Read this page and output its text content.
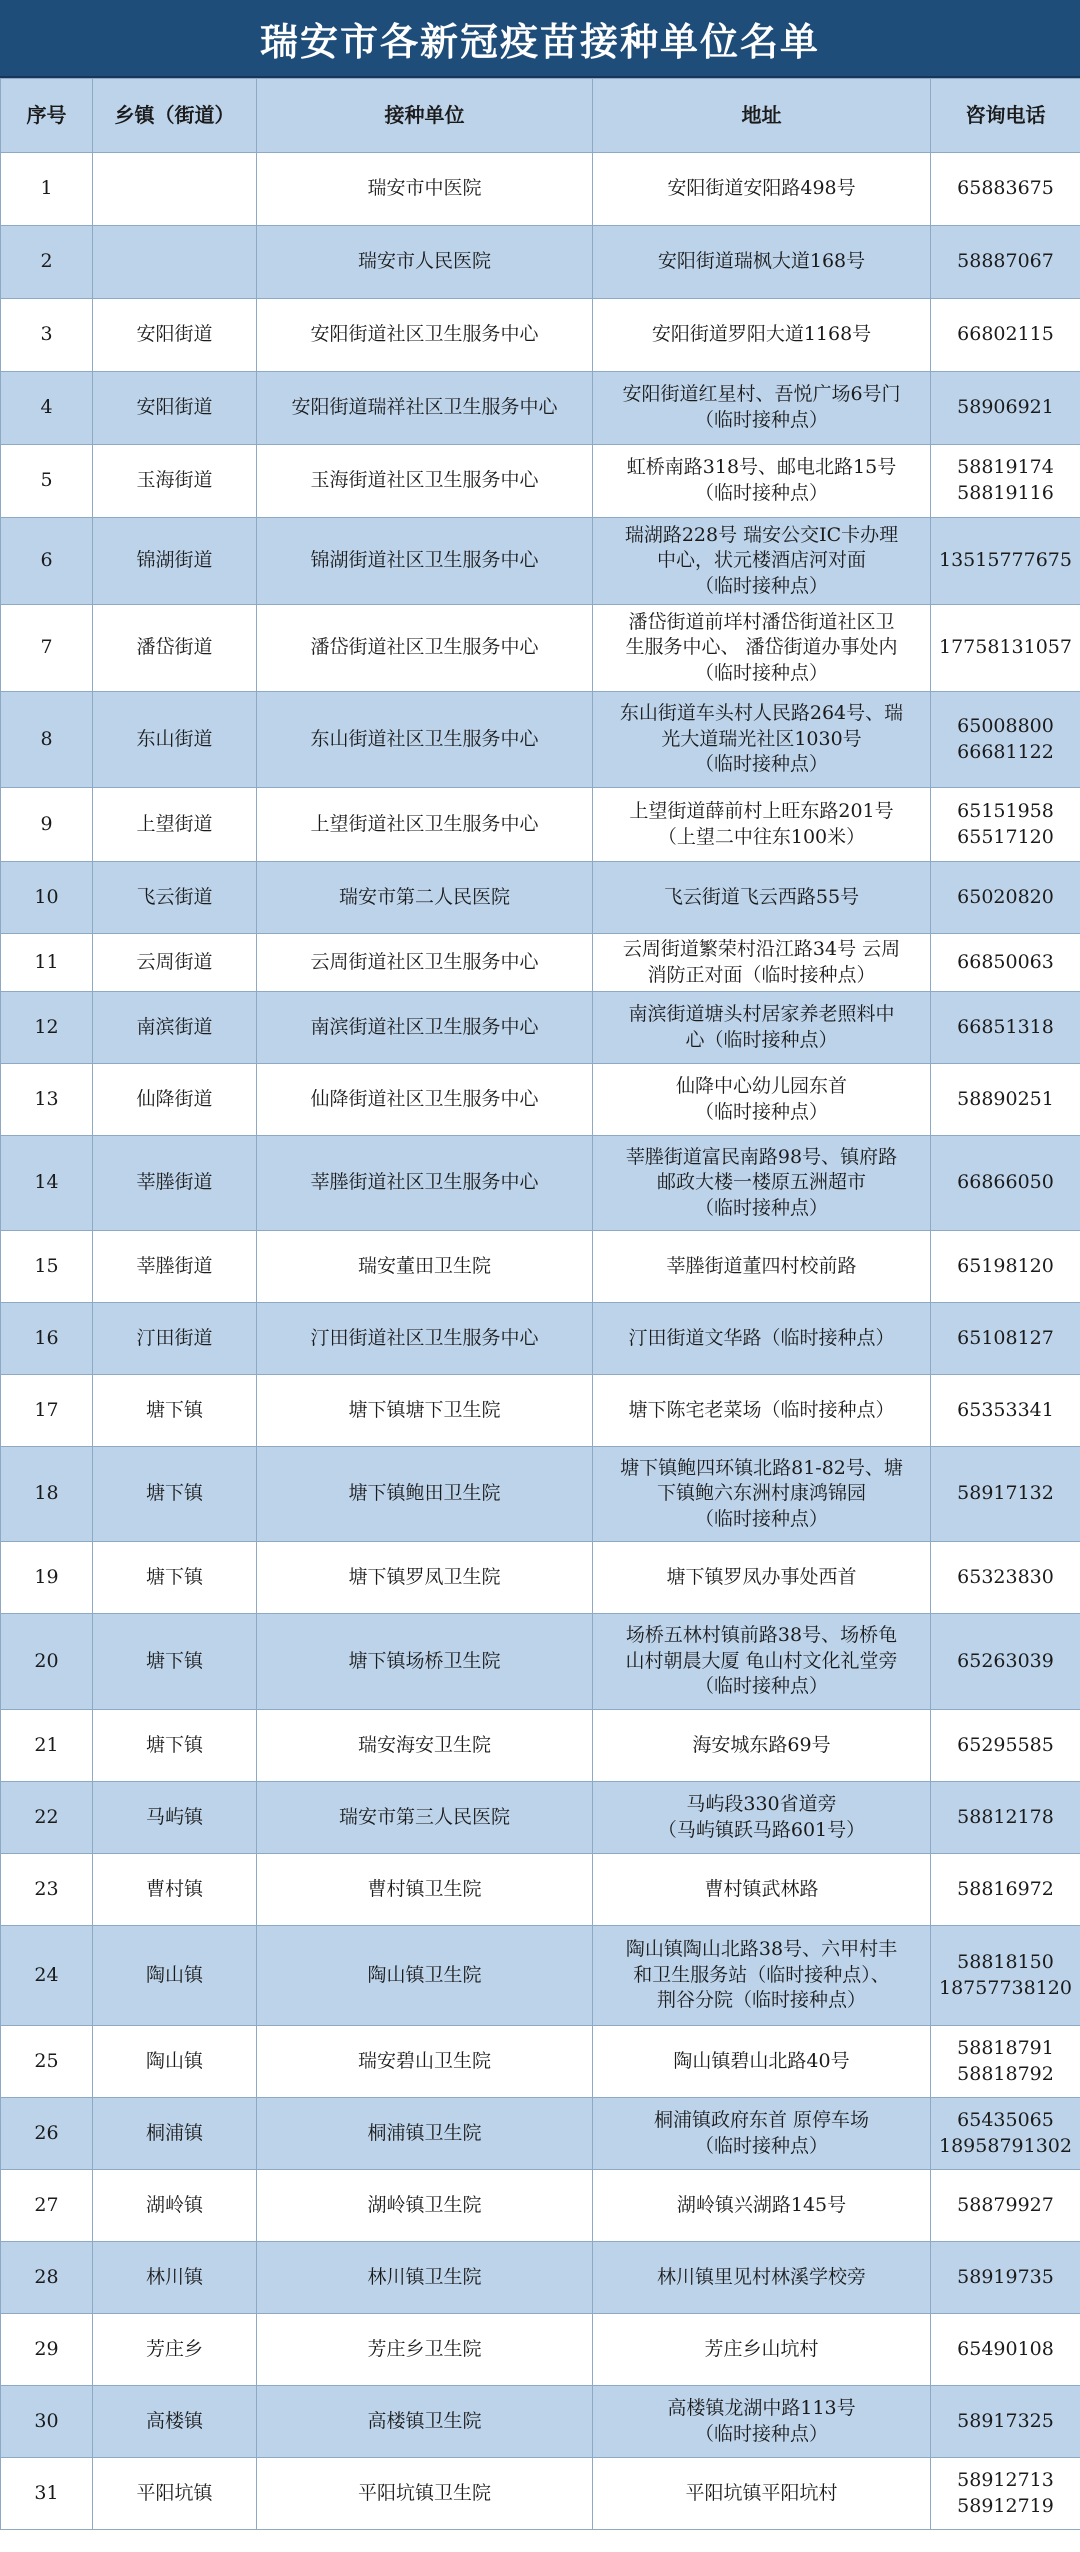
瑞安市各新冠疫苗接种单位名单
序号	乡镇（街道）	接种单位	地址	咨询电话
1		瑞安市中医院	安阳街道安阳路498号	65883675
2		瑞安市人民医院	安阳街道瑞枫大道168号	58887067
3	安阳街道	安阳街道社区卫生服务中心	安阳街道罗阳大道1168号	66802115
4	安阳街道	安阳街道瑞祥社区卫生服务中心	安阳街道红星村、吾悦广场6号门
（临时接种点）	58906921
5	玉海街道	玉海街道社区卫生服务中心	虹桥南路318号、邮电北路15号
（临时接种点）	58819174
58819116
6	锦湖街道	锦湖街道社区卫生服务中心	瑞湖路228号 瑞安公交IC卡办理
中心，状元楼酒店河对面
（临时接种点）	13515777675
7	潘岱街道	潘岱街道社区卫生服务中心	潘岱街道前垟村潘岱街道社区卫
生服务中心、 潘岱街道办事处内
（临时接种点）	17758131057
8	东山街道	东山街道社区卫生服务中心	东山街道车头村人民路264号、瑞
光大道瑞光社区1030号
（临时接种点）	65008800
66681122
9	上望街道	上望街道社区卫生服务中心	上望街道薛前村上旺东路201号
（上望二中往东100米）	65151958
65517120
10	飞云街道	瑞安市第二人民医院	飞云街道飞云西路55号	65020820
11	云周街道	云周街道社区卫生服务中心	云周街道繁荣村沿江路34号 云周
消防正对面（临时接种点）	66850063
12	南滨街道	南滨街道社区卫生服务中心	南滨街道塘头村居家养老照料中
心（临时接种点）	66851318
13	仙降街道	仙降街道社区卫生服务中心	仙降中心幼儿园东首
（临时接种点）	58890251
14	莘塍街道	莘塍街道社区卫生服务中心	莘塍街道富民南路98号、镇府路
邮政大楼一楼原五洲超市
（临时接种点）	66866050
15	莘塍街道	瑞安董田卫生院	莘塍街道董四村校前路	65198120
16	汀田街道	汀田街道社区卫生服务中心	汀田街道文华路（临时接种点）	65108127
17	塘下镇	塘下镇塘下卫生院	塘下陈宅老菜场（临时接种点）	65353341
18	塘下镇	塘下镇鲍田卫生院	塘下镇鲍四环镇北路81-82号、塘
下镇鲍六东洲村康鸿锦园
（临时接种点）	58917132
19	塘下镇	塘下镇罗凤卫生院	塘下镇罗凤办事处西首	65323830
20	塘下镇	塘下镇场桥卫生院	场桥五林村镇前路38号、场桥龟
山村朝晨大厦 龟山村文化礼堂旁
（临时接种点）	65263039
21	塘下镇	瑞安海安卫生院	海安城东路69号	65295585
22	马屿镇	瑞安市第三人民医院	马屿段330省道旁
（马屿镇跃马路601号）	58812178
23	曹村镇	曹村镇卫生院	曹村镇武林路	58816972
24	陶山镇	陶山镇卫生院	陶山镇陶山北路38号、六甲村丰
和卫生服务站（临时接种点）、
荆谷分院（临时接种点）	58818150
18757738120
25	陶山镇	瑞安碧山卫生院	陶山镇碧山北路40号	58818791
58818792
26	桐浦镇	桐浦镇卫生院	桐浦镇政府东首 原停车场
（临时接种点）	65435065
18958791302
27	湖岭镇	湖岭镇卫生院	湖岭镇兴湖路145号	58879927
28	林川镇	林川镇卫生院	林川镇里见村林溪学校旁	58919735
29	芳庄乡	芳庄乡卫生院	芳庄乡山坑村	65490108
30	高楼镇	高楼镇卫生院	高楼镇龙湖中路113号
（临时接种点）	58917325
31	平阳坑镇	平阳坑镇卫生院	平阳坑镇平阳坑村	58912713
58912719
